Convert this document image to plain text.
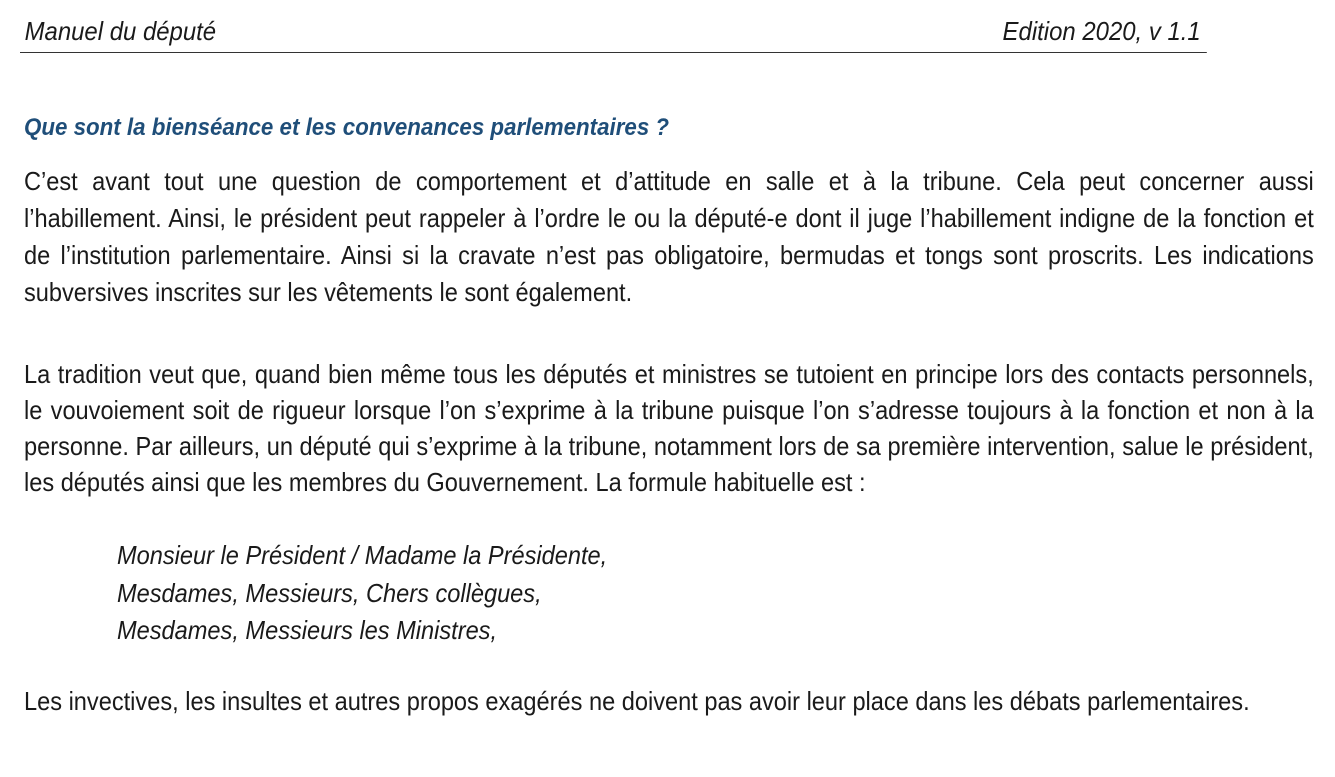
Manuel du député	Edition 2020, v 1.1
Que sont la bienséance et les convenances parlementaires ?

C’est avant tout une question de comportement et d’attitude en salle et à la tribune. Cela peut concerner aussi l’habillement. Ainsi, le président peut rappeler à l’ordre le ou la député-e dont il juge l’habillement indigne de la fonction et de l’institution parlementaire. Ainsi si la cravate n’est pas obligatoire, bermudas et tongs sont proscrits. Les indications subversives inscrites sur les vêtements le sont également.

La tradition veut que, quand bien même tous les députés et ministres se tutoient en principe lors des contacts personnels, le vouvoiement soit de rigueur lorsque l’on s’exprime à la tribune puisque l’on s’adresse toujours à la fonction et non à la personne. Par ailleurs, un député qui s’exprime à la tribune, notamment lors de sa première intervention, salue le président, les députés ainsi que les membres du Gouvernement. La formule habituelle est :

Monsieur le Président / Madame la Présidente,
Mesdames, Messieurs, Chers collègues,
Mesdames, Messieurs les Ministres,

Les invectives, les insultes et autres propos exagérés ne doivent pas avoir leur place dans les débats parlementaires.
